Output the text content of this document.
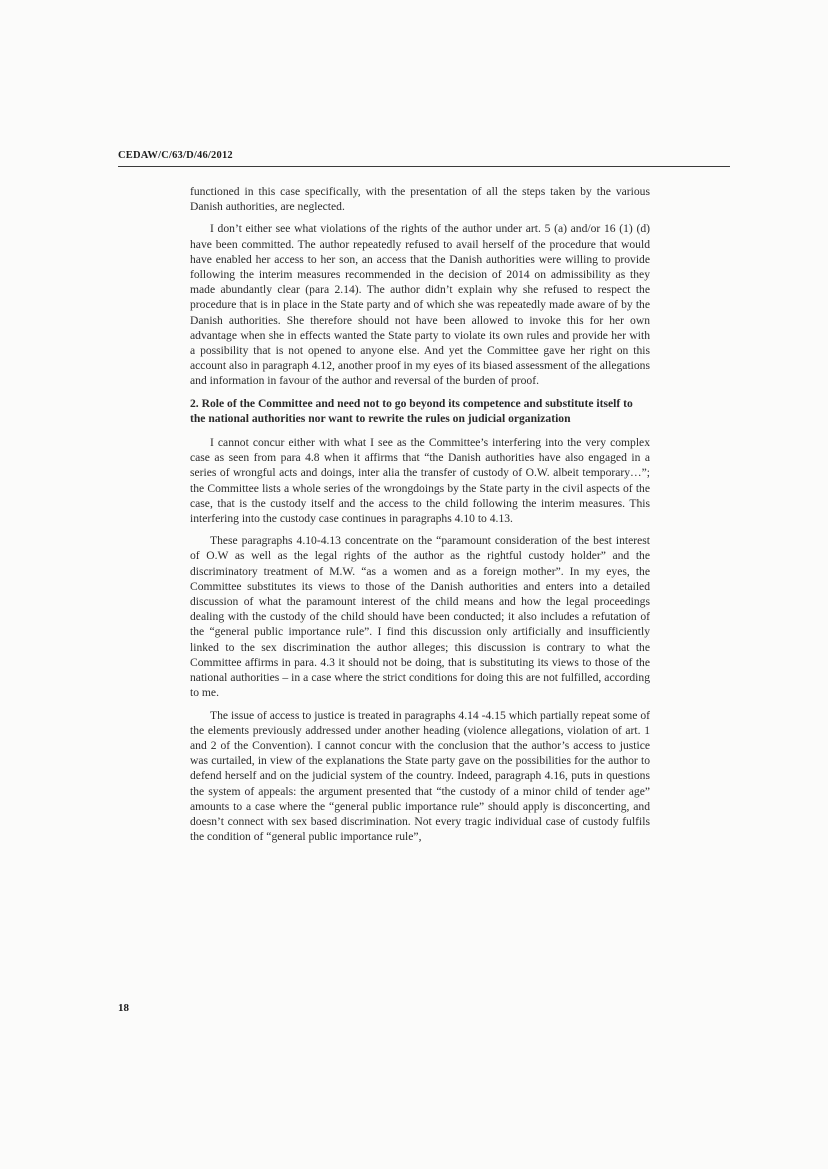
CEDAW/C/63/D/46/2012

functioned in this case specifically, with the presentation of all the steps taken by the various Danish authorities, are neglected.

I don’t either see what violations of the rights of the author under art. 5 (a) and/or 16 (1) (d) have been committed. The author repeatedly refused to avail herself of the procedure that would have enabled her access to her son, an access that the Danish authorities were willing to provide following the interim measures recommended in the decision of 2014 on admissibility as they made abundantly clear (para 2.14). The author didn’t explain why she refused to respect the procedure that is in place in the State party and of which she was repeatedly made aware of by the Danish authorities. She therefore should not have been allowed to invoke this for her own advantage when she in effects wanted the State party to violate its own rules and provide her with a possibility that is not opened to anyone else. And yet the Committee gave her right on this account also in paragraph 4.12, another proof in my eyes of its biased assessment of the allegations and information in favour of the author and reversal of the burden of proof.

2. Role of the Committee and need not to go beyond its competence and substitute itself to the national authorities nor want to rewrite the rules on judicial organization

I cannot concur either with what I see as the Committee’s interfering into the very complex case as seen from para 4.8 when it affirms that “the Danish authorities have also engaged in a series of wrongful acts and doings, inter alia the transfer of custody of O.W. albeit temporary…”; the Committee lists a whole series of the wrongdoings by the State party in the civil aspects of the case, that is the custody itself and the access to the child following the interim measures. This interfering into the custody case continues in paragraphs 4.10 to 4.13.

These paragraphs 4.10-4.13 concentrate on the “paramount consideration of the best interest of O.W as well as the legal rights of the author as the rightful custody holder” and the discriminatory treatment of M.W. “as a women and as a foreign mother”. In my eyes, the Committee substitutes its views to those of the Danish authorities and enters into a detailed discussion of what the paramount interest of the child means and how the legal proceedings dealing with the custody of the child should have been conducted; it also includes a refutation of the “general public importance rule”. I find this discussion only artificially and insufficiently linked to the sex discrimination the author alleges; this discussion is contrary to what the Committee affirms in para. 4.3 it should not be doing, that is substituting its views to those of the national authorities – in a case where the strict conditions for doing this are not fulfilled, according to me.

The issue of access to justice is treated in paragraphs 4.14 -4.15 which partially repeat some of the elements previously addressed under another heading (violence allegations, violation of art. 1 and 2 of the Convention). I cannot concur with the conclusion that the author’s access to justice was curtailed, in view of the explanations the State party gave on the possibilities for the author to defend herself and on the judicial system of the country. Indeed, paragraph 4.16, puts in questions the system of appeals: the argument presented that “the custody of a minor child of tender age” amounts to a case where the “general public importance rule” should apply is disconcerting, and doesn’t connect with sex based discrimination. Not every tragic individual case of custody fulfils the condition of “general public importance rule”,

18
